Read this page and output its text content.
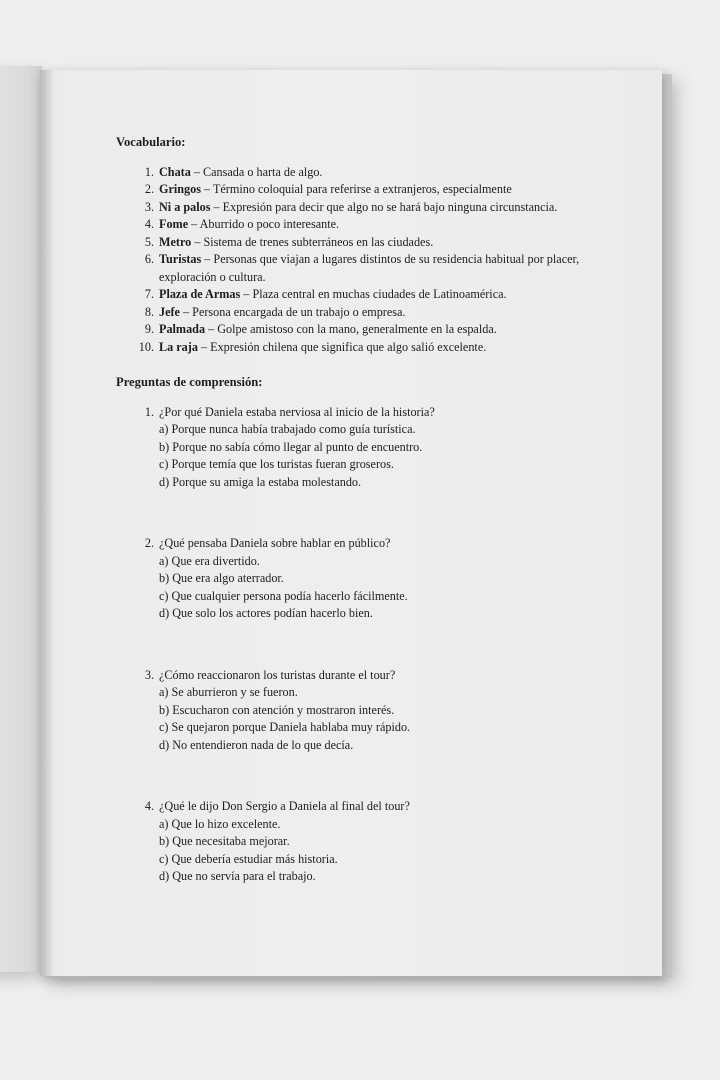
Vocabulario:

1. Chata – Cansada o harta de algo.
2. Gringos – Término coloquial para referirse a extranjeros, especialmente
3. Ni a palos – Expresión para decir que algo no se hará bajo ninguna circunstancia.
4. Fome – Aburrido o poco interesante.
5. Metro – Sistema de trenes subterráneos en las ciudades.
6. Turistas – Personas que viajan a lugares distintos de su residencia habitual por placer, exploración o cultura.
7. Plaza de Armas – Plaza central en muchas ciudades de Latinoamérica.
8. Jefe – Persona encargada de un trabajo o empresa.
9. Palmada – Golpe amistoso con la mano, generalmente en la espalda.
10. La raja – Expresión chilena que significa que algo salió excelente.

Preguntas de comprensión:

1. ¿Por qué Daniela estaba nerviosa al inicio de la historia?
a) Porque nunca había trabajado como guía turística.
b) Porque no sabía cómo llegar al punto de encuentro.
c) Porque temía que los turistas fueran groseros.
d) Porque su amiga la estaba molestando.
2. ¿Qué pensaba Daniela sobre hablar en público?
a) Que era divertido.
b) Que era algo aterrador.
c) Que cualquier persona podía hacerlo fácilmente.
d) Que solo los actores podían hacerlo bien.
3. ¿Cómo reaccionaron los turistas durante el tour?
a) Se aburrieron y se fueron.
b) Escucharon con atención y mostraron interés.
c) Se quejaron porque Daniela hablaba muy rápido.
d) No entendieron nada de lo que decía.
4. ¿Qué le dijo Don Sergio a Daniela al final del tour?
a) Que lo hizo excelente.
b) Que necesitaba mejorar.
c) Que debería estudiar más historia.
d) Que no servía para el trabajo.
